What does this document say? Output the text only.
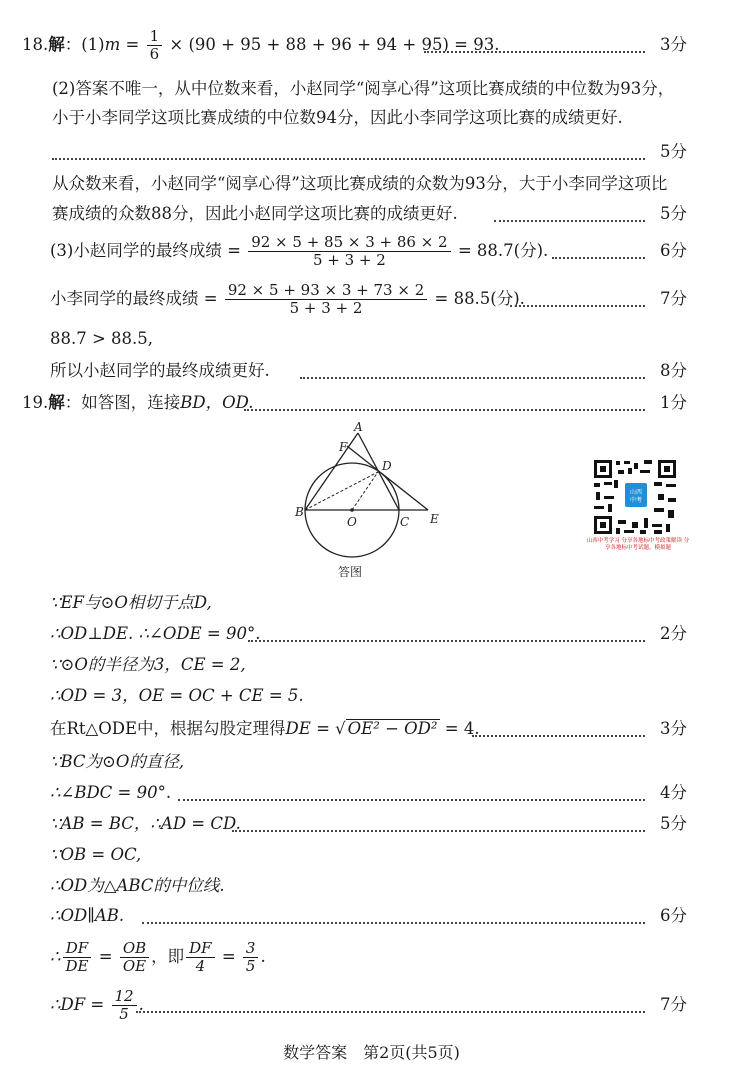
18.解：$(1)m = \frac{1}{6} \times (90 + 95 + 88 + 96 + 94 + 95) = 93$.	3分
(2)答案不唯一，从中位数来看，小赵同学“阅享心得”这项比赛成绩的中位数为93分，
小于小李同学这项比赛成绩的中位数94分，因此小李同学这项比赛的成绩更好.
5分
从众数来看，小赵同学“阅享心得”这项比赛成绩的众数为93分，大于小李同学这项比
赛成绩的众数88分，因此小赵同学这项比赛的成绩更好.	5分
(3)小赵同学的最终成绩 = $\frac{92 \times 5 + 85 \times 3 + 86 \times 2}{5 + 3 + 2} = 88.7$(分).	6分
小李同学的最终成绩 = $\frac{92 \times 5 + 93 \times 3 + 73 \times 2}{5 + 3 + 2} = 88.5$(分).	7分
88.7 > 88.5,
所以小赵同学的最终成绩更好.	8分
19.解：如答图，连接BD，OD.	1分
A
F
D
B
O	C E
答图
山西
中考
山西中考学习 分享各地标中考政策解读 分享各地标中考试题、模拟题
∵EF与⊙O相切于点D,
∴OD⊥DE. ∴∠ODE = 90°.	2分
∵⊙O的半径为3，CE = 2,
∴OD = 3，OE = OC + CE = 5.
在Rt△ODE中，根据勾股定理得DE = √ OE² − OD² = 4.	3分
∵BC为⊙O的直径,
∴∠BDC = 90°.	4分
∵AB = BC，∴AD = CD.	5分
∵OB = OC,
∴OD为△ABC的中位线.
∴OD∥AB.	6分
∴ $\frac{DF}{DE} = \frac{OB}{OE}$ ，即 $\frac{DF}{4} = \frac{3}{5}$ .
∴DF = $\frac{12}{5}$ .	7分
数学答案　第2页(共5页)
